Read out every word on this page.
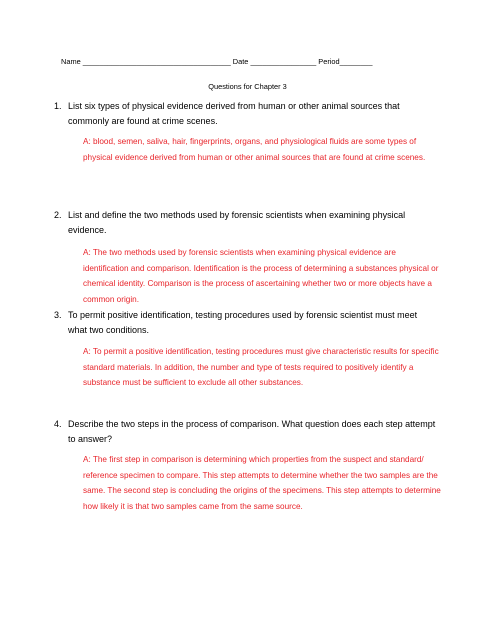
Name ____________________________________ Date ________________ Period________
Questions for Chapter 3
1. List six types of physical evidence derived from human or other animal sources that commonly are found at crime scenes.
A: blood, semen, saliva, hair, fingerprints, organs, and physiological fluids are some types of physical evidence derived from human or other animal sources that are found at crime scenes.
2. List and define the two methods used by forensic scientists when examining physical evidence.
A: The two methods used by forensic scientists when examining physical evidence are identification and comparison. Identification is the process of determining a substances physical or chemical identity. Comparison is the process of ascertaining whether two or more objects have a common origin.
3. To permit positive identification, testing procedures used by forensic scientist must meet what two conditions.
A: To permit a positive identification, testing procedures must give characteristic results for specific standard materials. In addition, the number and type of tests required to positively identify a substance must be sufficient to exclude all other substances.
4. Describe the two steps in the process of comparison. What question does each step attempt to answer?
A: The first step in comparison is determining which properties from the suspect and standard/ reference specimen to compare. This step attempts to determine whether the two samples are the same. The second step is concluding the origins of the specimens. This step attempts to determine how likely it is that two samples came from the same source.
